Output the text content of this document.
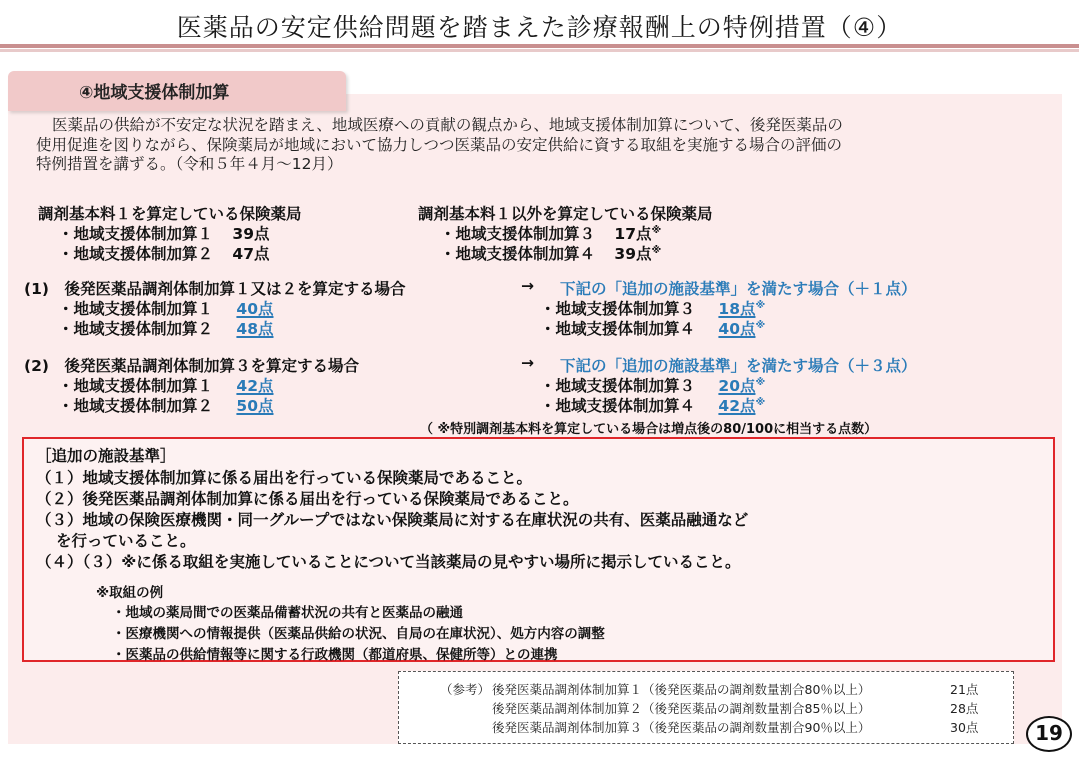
医薬品の安定供給問題を踏まえた診療報酬上の特例措置（④）
④地域支援体制加算
医薬品の供給が不安定な状況を踏まえ、地域医療への貢献の観点から、地域支援体制加算について、後発医薬品の
使用促進を図りながら、保険薬局が地域において協力しつつ医薬品の安定供給に資する取組を実施する場合の評価の
特例措置を講ずる。（令和５年４月～12月）
調剤基本料１を算定している保険薬局
・地域支援体制加算１ 39点
・地域支援体制加算２ 47点
調剤基本料１以外を算定している保険薬局
・地域支援体制加算３ 17点※
・地域支援体制加算４ 39点※
(1)　後発医薬品調剤体制加算１又は２を算定する場合	→ 下記の「追加の施設基準」を満たす場合（＋１点）
・地域支援体制加算１ 40点
・地域支援体制加算２ 48点
・地域支援体制加算３ 18点※
・地域支援体制加算４ 40点※
(2)　後発医薬品調剤体制加算３を算定する場合	→ 下記の「追加の施設基準」を満たす場合（＋３点）
・地域支援体制加算１ 42点
・地域支援体制加算２ 50点
・地域支援体制加算３ 20点※
・地域支援体制加算４ 42点※
（ ※特別調剤基本料を算定している場合は増点後の80/100に相当する点数）
［追加の施設基準］
（１）地域支援体制加算に係る届出を行っている保険薬局であること。
（２）後発医薬品調剤体制加算に係る届出を行っている保険薬局であること。
（３）地域の保険医療機関・同一グループではない保険薬局に対する在庫状況の共有、医薬品融通など
を行っていること。
（４）（３）※に係る取組を実施していることについて当該薬局の見やすい場所に掲示していること。
※取組の例
・地域の薬局間での医薬品備蓄状況の共有と医薬品の融通
・医療機関への情報提供（医薬品供給の状況、自局の在庫状況）、処方内容の調整
・医薬品の供給情報等に関する行政機関（都道府県、保健所等）との連携
（参考） 後発医薬品調剤体制加算１（後発医薬品の調剤数量割合80％以上）	21点
後発医薬品調剤体制加算２（後発医薬品の調剤数量割合85％以上）	28点
後発医薬品調剤体制加算３（後発医薬品の調剤数量割合90％以上）	30点	19
